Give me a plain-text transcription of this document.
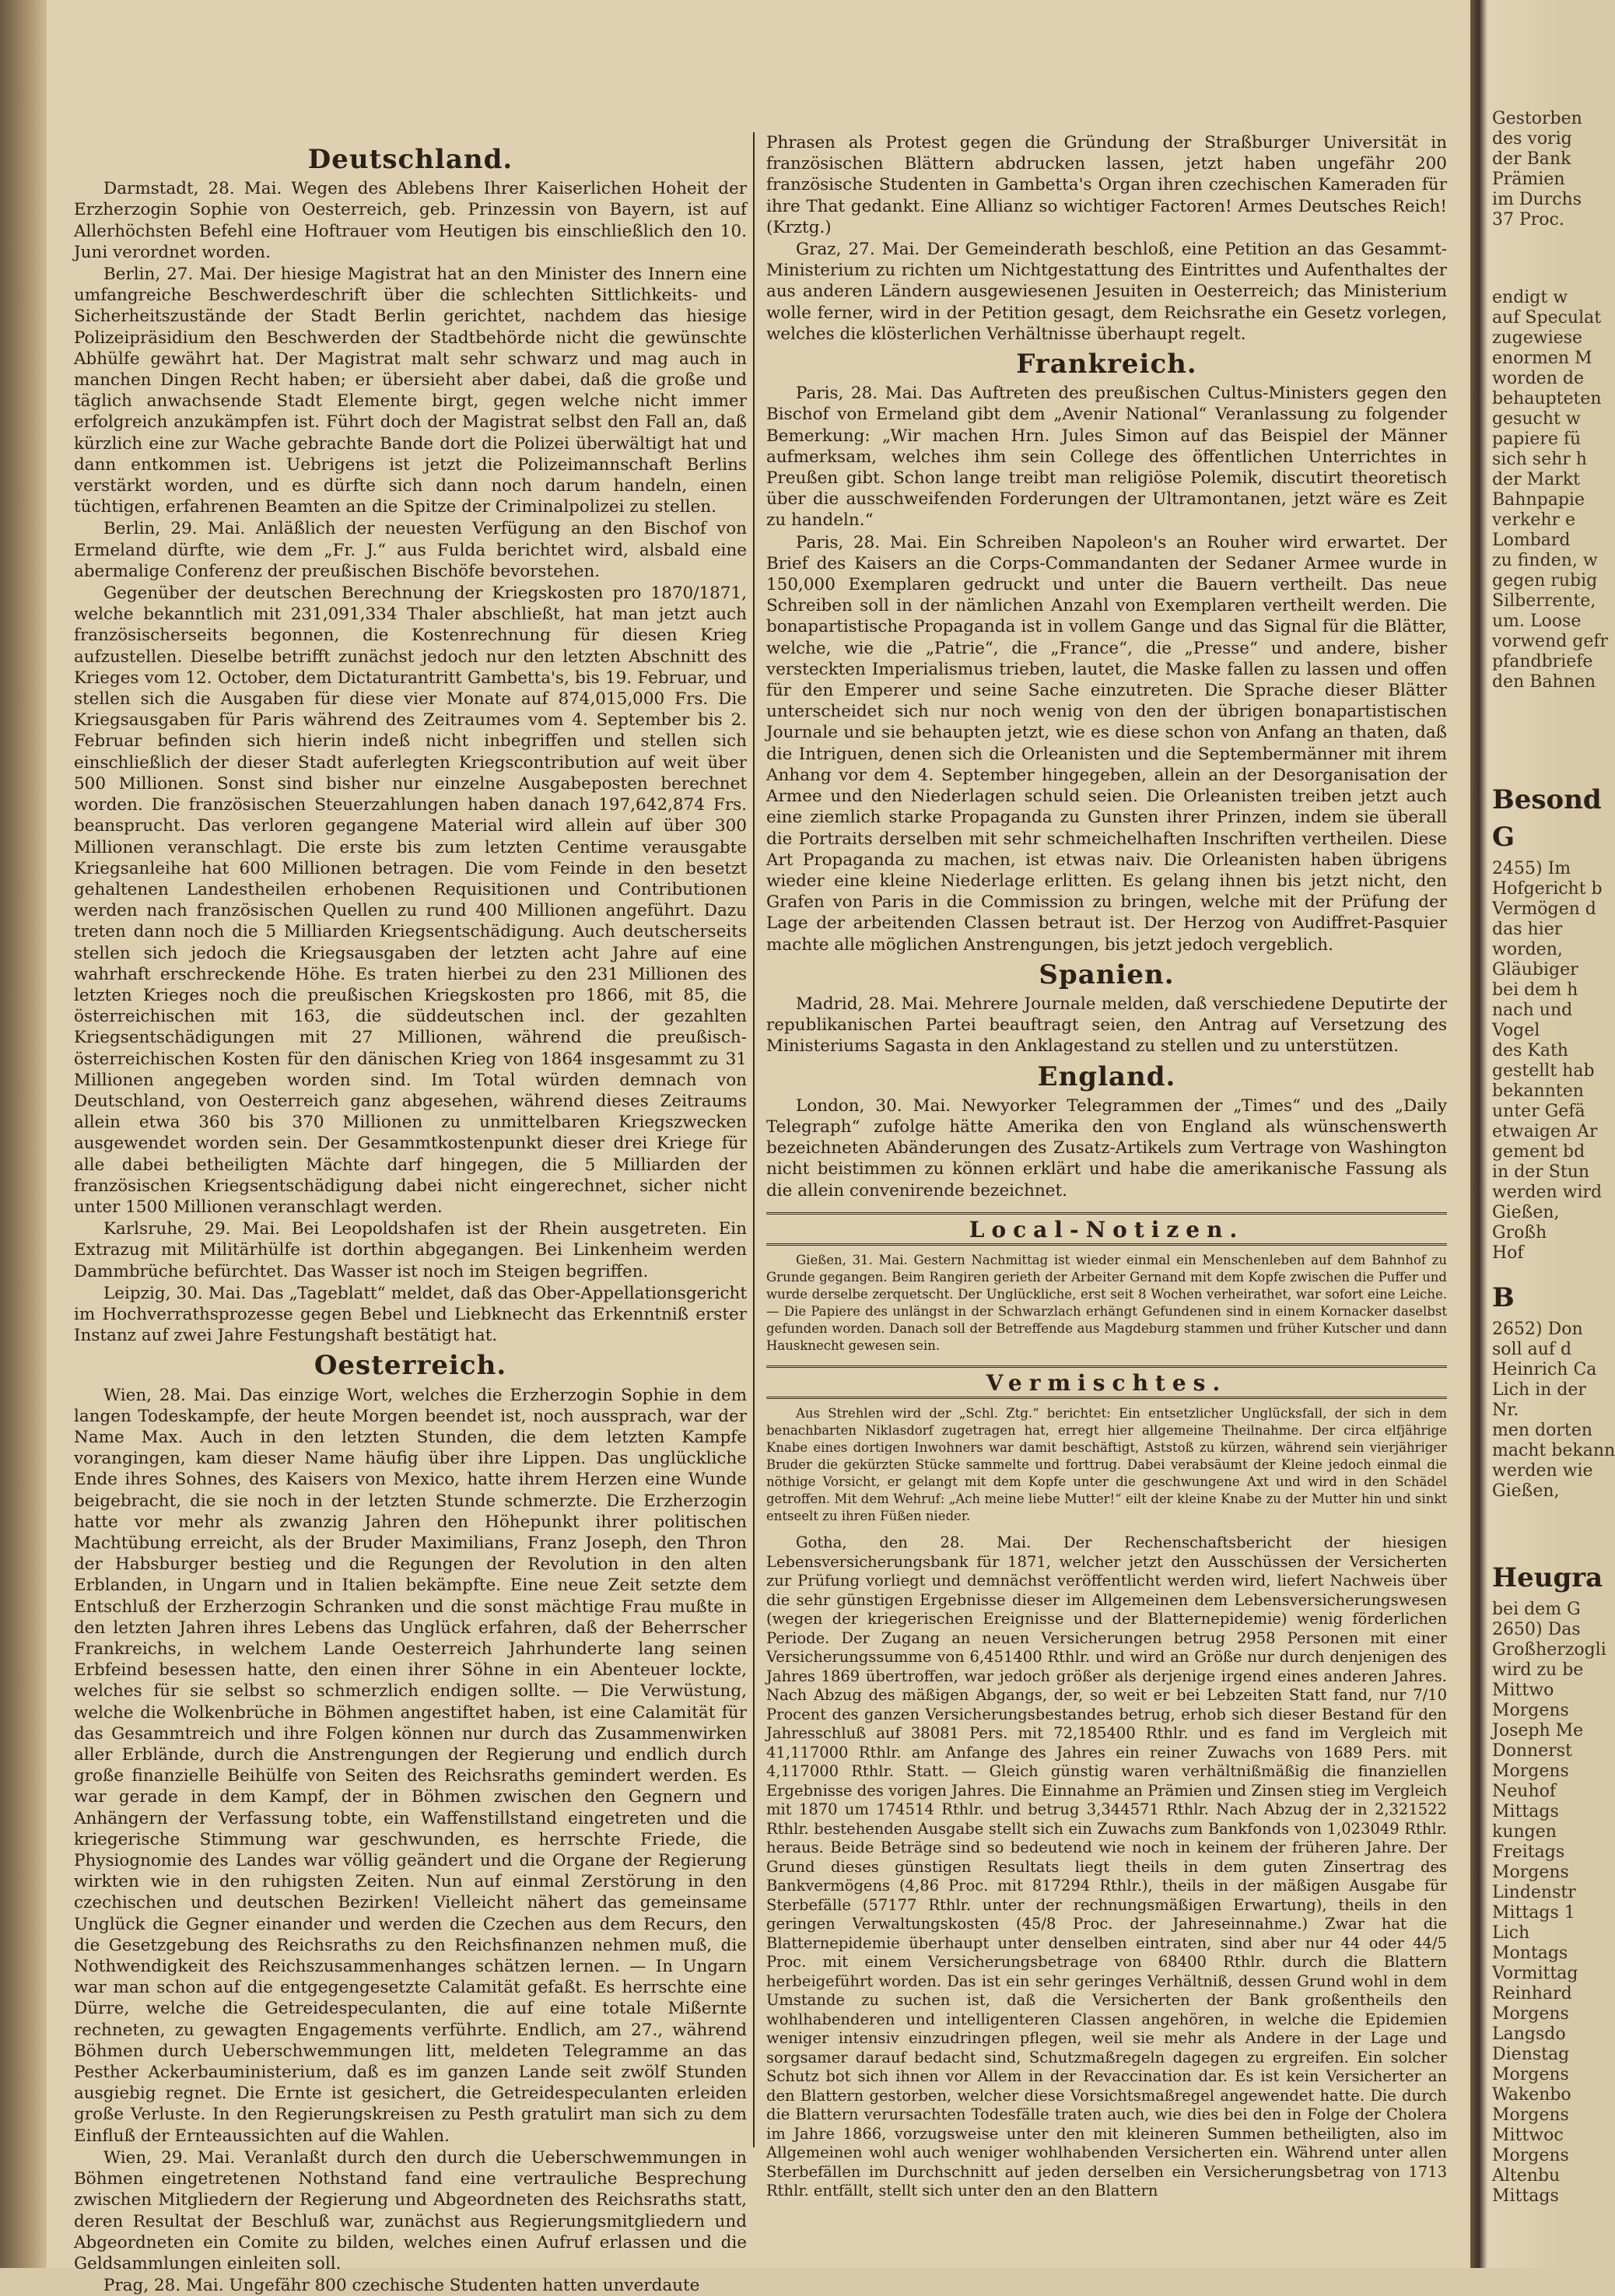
Deutschland.

Darmstadt, 28. Mai. Wegen des Ablebens Ihrer Kaiserlichen Hoheit der Erzherzogin Sophie von Oesterreich, geb. Prinzessin von Bayern, ist auf Allerhöchsten Befehl eine Hoftrauer vom Heutigen bis einschließlich den 10. Juni verordnet worden.

Berlin, 27. Mai. Der hiesige Magistrat hat an den Minister des Innern eine umfangreiche Beschwerdeschrift über die schlechten Sittlichkeits- und Sicherheitszustände der Stadt Berlin gerichtet, nachdem das hiesige Polizeipräsidium den Beschwerden der Stadtbehörde nicht die gewünschte Abhülfe gewährt hat. Der Magistrat malt sehr schwarz und mag auch in manchen Dingen Recht haben; er übersieht aber dabei, daß die große und täglich anwachsende Stadt Elemente birgt, gegen welche nicht immer erfolgreich anzukämpfen ist. Führt doch der Magistrat selbst den Fall an, daß kürzlich eine zur Wache gebrachte Bande dort die Polizei überwältigt hat und dann entkommen ist. Uebrigens ist jetzt die Polizeimannschaft Berlins verstärkt worden, und es dürfte sich dann noch darum handeln, einen tüchtigen, erfahrenen Beamten an die Spitze der Criminalpolizei zu stellen.

Berlin, 29. Mai. Anläßlich der neuesten Verfügung an den Bischof von Ermeland dürfte, wie dem „Fr. J.“ aus Fulda berichtet wird, alsbald eine abermalige Conferenz der preußischen Bischöfe bevorstehen.

Gegenüber der deutschen Berechnung der Kriegskosten pro 1870/1871, welche bekanntlich mit 231,091,334 Thaler abschließt, hat man jetzt auch französischerseits begonnen, die Kostenrechnung für diesen Krieg aufzustellen. Dieselbe betrifft zunächst jedoch nur den letzten Abschnitt des Krieges vom 12. October, dem Dictaturantritt Gambetta's, bis 19. Februar, und stellen sich die Ausgaben für diese vier Monate auf 874,015,000 Frs. Die Kriegsausgaben für Paris während des Zeitraumes vom 4. September bis 2. Februar befinden sich hierin indeß nicht inbegriffen und stellen sich einschließlich der dieser Stadt auferlegten Kriegscontribution auf weit über 500 Millionen. Sonst sind bisher nur einzelne Ausgabeposten berechnet worden. Die französischen Steuerzahlungen haben danach 197,642,874 Frs. beansprucht. Das verloren gegangene Material wird allein auf über 300 Millionen veranschlagt. Die erste bis zum letzten Centime verausgabte Kriegsanleihe hat 600 Millionen betragen. Die vom Feinde in den besetzt gehaltenen Landestheilen erhobenen Requisitionen und Contributionen werden nach französischen Quellen zu rund 400 Millionen angeführt. Dazu treten dann noch die 5 Milliarden Kriegsentschädigung. Auch deutscherseits stellen sich jedoch die Kriegsausgaben der letzten acht Jahre auf eine wahrhaft erschreckende Höhe. Es traten hierbei zu den 231 Millionen des letzten Krieges noch die preußischen Kriegskosten pro 1866, mit 85, die österreichischen mit 163, die süddeutschen incl. der gezahlten Kriegsentschädigungen mit 27 Millionen, während die preußisch-österreichischen Kosten für den dänischen Krieg von 1864 insgesammt zu 31 Millionen angegeben worden sind. Im Total würden demnach von Deutschland, von Oesterreich ganz abgesehen, während dieses Zeitraums allein etwa 360 bis 370 Millionen zu unmittelbaren Kriegszwecken ausgewendet worden sein. Der Gesammtkostenpunkt dieser drei Kriege für alle dabei betheiligten Mächte darf hingegen, die 5 Milliarden der französischen Kriegsentschädigung dabei nicht eingerechnet, sicher nicht unter 1500 Millionen veranschlagt werden.

Karlsruhe, 29. Mai. Bei Leopoldshafen ist der Rhein ausgetreten. Ein Extrazug mit Militärhülfe ist dorthin abgegangen. Bei Linkenheim werden Dammbrüche befürchtet. Das Wasser ist noch im Steigen begriffen.

Leipzig, 30. Mai. Das „Tageblatt“ meldet, daß das Ober-Appellationsgericht im Hochverrathsprozesse gegen Bebel und Liebknecht das Erkenntniß erster Instanz auf zwei Jahre Festungshaft bestätigt hat.

Oesterreich.

Wien, 28. Mai. Das einzige Wort, welches die Erzherzogin Sophie in dem langen Todeskampfe, der heute Morgen beendet ist, noch aussprach, war der Name Max. Auch in den letzten Stunden, die dem letzten Kampfe vorangingen, kam dieser Name häufig über ihre Lippen. Das unglückliche Ende ihres Sohnes, des Kaisers von Mexico, hatte ihrem Herzen eine Wunde beigebracht, die sie noch in der letzten Stunde schmerzte. Die Erzherzogin hatte vor mehr als zwanzig Jahren den Höhepunkt ihrer politischen Machtübung erreicht, als der Bruder Maximilians, Franz Joseph, den Thron der Habsburger bestieg und die Regungen der Revolution in den alten Erblanden, in Ungarn und in Italien bekämpfte. Eine neue Zeit setzte dem Entschluß der Erzherzogin Schranken und die sonst mächtige Frau mußte in den letzten Jahren ihres Lebens das Unglück erfahren, daß der Beherrscher Frankreichs, in welchem Lande Oesterreich Jahrhunderte lang seinen Erbfeind besessen hatte, den einen ihrer Söhne in ein Abenteuer lockte, welches für sie selbst so schmerzlich endigen sollte. — Die Verwüstung, welche die Wolkenbrüche in Böhmen angestiftet haben, ist eine Calamität für das Gesammtreich und ihre Folgen können nur durch das Zusammenwirken aller Erblände, durch die Anstrengungen der Regierung und endlich durch große finanzielle Beihülfe von Seiten des Reichsraths gemindert werden. Es war gerade in dem Kampf, der in Böhmen zwischen den Gegnern und Anhängern der Verfassung tobte, ein Waffenstillstand eingetreten und die kriegerische Stimmung war geschwunden, es herrschte Friede, die Physiognomie des Landes war völlig geändert und die Organe der Regierung wirkten wie in den ruhigsten Zeiten. Nun auf einmal Zerstörung in den czechischen und deutschen Bezirken! Vielleicht nähert das gemeinsame Unglück die Gegner einander und werden die Czechen aus dem Recurs, den die Gesetzgebung des Reichsraths zu den Reichsfinanzen nehmen muß, die Nothwendigkeit des Reichszusammenhanges schätzen lernen. — In Ungarn war man schon auf die entgegengesetzte Calamität gefaßt. Es herrschte eine Dürre, welche die Getreidespeculanten, die auf eine totale Mißernte rechneten, zu gewagten Engagements verführte. Endlich, am 27., während Böhmen durch Ueberschwemmungen litt, meldeten Telegramme an das Pesther Ackerbauministerium, daß es im ganzen Lande seit zwölf Stunden ausgiebig regnet. Die Ernte ist gesichert, die Getreidespeculanten erleiden große Verluste. In den Regierungskreisen zu Pesth gratulirt man sich zu dem Einfluß der Ernteaussichten auf die Wahlen.

Wien, 29. Mai. Veranlaßt durch den durch die Ueberschwemmungen in Böhmen eingetretenen Nothstand fand eine vertrauliche Besprechung zwischen Mitgliedern der Regierung und Abgeordneten des Reichsraths statt, deren Resultat der Beschluß war, zunächst aus Regierungsmitgliedern und Abgeordneten ein Comite zu bilden, welches einen Aufruf erlassen und die Geldsammlungen einleiten soll.

Prag, 28. Mai. Ungefähr 800 czechische Studenten hatten unverdaute

Phrasen als Protest gegen die Gründung der Straßburger Universität in französischen Blättern abdrucken lassen, jetzt haben ungefähr 200 französische Studenten in Gambetta's Organ ihren czechischen Kameraden für ihre That gedankt. Eine Allianz so wichtiger Factoren! Armes Deutsches Reich! (Krztg.)

Graz, 27. Mai. Der Gemeinderath beschloß, eine Petition an das Gesammt-Ministerium zu richten um Nichtgestattung des Eintrittes und Aufenthaltes der aus anderen Ländern ausgewiesenen Jesuiten in Oesterreich; das Ministerium wolle ferner, wird in der Petition gesagt, dem Reichsrathe ein Gesetz vorlegen, welches die klösterlichen Verhältnisse überhaupt regelt.

Frankreich.

Paris, 28. Mai. Das Auftreten des preußischen Cultus-Ministers gegen den Bischof von Ermeland gibt dem „Avenir National“ Veranlassung zu folgender Bemerkung: „Wir machen Hrn. Jules Simon auf das Beispiel der Männer aufmerksam, welches ihm sein College des öffentlichen Unterrichtes in Preußen gibt. Schon lange treibt man religiöse Polemik, discutirt theoretisch über die ausschweifenden Forderungen der Ultramontanen, jetzt wäre es Zeit zu handeln.“

Paris, 28. Mai. Ein Schreiben Napoleon's an Rouher wird erwartet. Der Brief des Kaisers an die Corps-Commandanten der Sedaner Armee wurde in 150,000 Exemplaren gedruckt und unter die Bauern vertheilt. Das neue Schreiben soll in der nämlichen Anzahl von Exemplaren vertheilt werden. Die bonapartistische Propaganda ist in vollem Gange und das Signal für die Blätter, welche, wie die „Patrie“, die „France“, die „Presse“ und andere, bisher versteckten Imperialismus trieben, lautet, die Maske fallen zu lassen und offen für den Emperer und seine Sache einzutreten. Die Sprache dieser Blätter unterscheidet sich nur noch wenig von den der übrigen bonapartistischen Journale und sie behaupten jetzt, wie es diese schon von Anfang an thaten, daß die Intriguen, denen sich die Orleanisten und die Septembermänner mit ihrem Anhang vor dem 4. September hingegeben, allein an der Desorganisation der Armee und den Niederlagen schuld seien. Die Orleanisten treiben jetzt auch eine ziemlich starke Propaganda zu Gunsten ihrer Prinzen, indem sie überall die Portraits derselben mit sehr schmeichelhaften Inschriften vertheilen. Diese Art Propaganda zu machen, ist etwas naiv. Die Orleanisten haben übrigens wieder eine kleine Niederlage erlitten. Es gelang ihnen bis jetzt nicht, den Grafen von Paris in die Commission zu bringen, welche mit der Prüfung der Lage der arbeitenden Classen betraut ist. Der Herzog von Audiffret-Pasquier machte alle möglichen Anstrengungen, bis jetzt jedoch vergeblich.

Spanien.

Madrid, 28. Mai. Mehrere Journale melden, daß verschiedene Deputirte der republikanischen Partei beauftragt seien, den Antrag auf Versetzung des Ministeriums Sagasta in den Anklagestand zu stellen und zu unterstützen.

England.

London, 30. Mai. Newyorker Telegrammen der „Times“ und des „Daily Telegraph“ zufolge hätte Amerika den von England als wünschenswerth bezeichneten Abänderungen des Zusatz-Artikels zum Vertrage von Washington nicht beistimmen zu können erklärt und habe die amerikanische Fassung als die allein convenirende bezeichnet.

Local-Notizen.

Gießen, 31. Mai. Gestern Nachmittag ist wieder einmal ein Menschenleben auf dem Bahnhof zu Grunde gegangen. Beim Rangiren gerieth der Arbeiter Gernand mit dem Kopfe zwischen die Puffer und wurde derselbe zerquetscht. Der Unglückliche, erst seit 8 Wochen verheirathet, war sofort eine Leiche. — Die Papiere des unlängst in der Schwarzlach erhängt Gefundenen sind in einem Kornacker daselbst gefunden worden. Danach soll der Betreffende aus Magdeburg stammen und früher Kutscher und dann Hausknecht gewesen sein.

Vermischtes.

Aus Strehlen wird der „Schl. Ztg.“ berichtet: Ein entsetzlicher Unglücksfall, der sich in dem benachbarten Niklasdorf zugetragen hat, erregt hier allgemeine Theilnahme. Der circa elfjährige Knabe eines dortigen Inwohners war damit beschäftigt, Aststoß zu kürzen, während sein vierjähriger Bruder die gekürzten Stücke sammelte und forttrug. Dabei verabsäumt der Kleine jedoch einmal die nöthige Vorsicht, er gelangt mit dem Kopfe unter die geschwungene Axt und wird in den Schädel getroffen. Mit dem Wehruf: „Ach meine liebe Mutter!“ eilt der kleine Knabe zu der Mutter hin und sinkt entseelt zu ihren Füßen nieder.

Gotha, den 28. Mai. Der Rechenschaftsbericht der hiesigen Lebensversicherungsbank für 1871, welcher jetzt den Ausschüssen der Versicherten zur Prüfung vorliegt und demnächst veröffentlicht werden wird, liefert Nachweis über die sehr günstigen Ergebnisse dieser im Allgemeinen dem Lebensversicherungswesen (wegen der kriegerischen Ereignisse und der Blatternepidemie) wenig förderlichen Periode. Der Zugang an neuen Versicherungen betrug 2958 Personen mit einer Versicherungssumme von 6,451400 Rthlr. und wird an Größe nur durch denjenigen des Jahres 1869 übertroffen, war jedoch größer als derjenige irgend eines anderen Jahres. Nach Abzug des mäßigen Abgangs, der, so weit er bei Lebzeiten Statt fand, nur 7/10 Procent des ganzen Versicherungsbestandes betrug, erhob sich dieser Bestand für den Jahresschluß auf 38081 Pers. mit 72,185400 Rthlr. und es fand im Vergleich mit 41,117000 Rthlr. am Anfange des Jahres ein reiner Zuwachs von 1689 Pers. mit 4,117000 Rthlr. Statt. — Gleich günstig waren verhältnißmäßig die finanziellen Ergebnisse des vorigen Jahres. Die Einnahme an Prämien und Zinsen stieg im Vergleich mit 1870 um 174514 Rthlr. und betrug 3,344571 Rthlr. Nach Abzug der in 2,321522 Rthlr. bestehenden Ausgabe stellt sich ein Zuwachs zum Bankfonds von 1,023049 Rthlr. heraus. Beide Beträge sind so bedeutend wie noch in keinem der früheren Jahre. Der Grund dieses günstigen Resultats liegt theils in dem guten Zinsertrag des Bankvermögens (4,86 Proc. mit 817294 Rthlr.), theils in der mäßigen Ausgabe für Sterbefälle (57177 Rthlr. unter der rechnungsmäßigen Erwartung), theils in den geringen Verwaltungskosten (45/8 Proc. der Jahreseinnahme.) Zwar hat die Blatternepidemie überhaupt unter denselben eintraten, sind aber nur 44 oder 44/5 Proc. mit einem Versicherungsbetrage von 68400 Rthlr. durch die Blattern herbeigeführt worden. Das ist ein sehr geringes Verhältniß, dessen Grund wohl in dem Umstande zu suchen ist, daß die Versicherten der Bank großentheils den wohlhabenderen und intelligenteren Classen angehören, in welche die Epidemien weniger intensiv einzudringen pflegen, weil sie mehr als Andere in der Lage und sorgsamer darauf bedacht sind, Schutzmaßregeln dagegen zu ergreifen. Ein solcher Schutz bot sich ihnen vor Allem in der Revaccination dar. Es ist kein Versicherter an den Blattern gestorben, welcher diese Vorsichtsmaßregel angewendet hatte. Die durch die Blattern verursachten Todesfälle traten auch, wie dies bei den in Folge der Cholera im Jahre 1866, vorzugsweise unter den mit kleineren Summen betheiligten, also im Allgemeinen wohl auch weniger wohlhabenden Versicherten ein. Während unter allen Sterbefällen im Durchschnitt auf jeden derselben ein Versicherungsbetrag von 1713 Rthlr. entfällt, stellt sich unter den an den Blattern

Gestorben
des vorig
der Bank
Prämien
im Durchs
37 Proc.
endigt w
auf Speculat
zugewiese
enormen M
worden de
behaupteten
gesucht w
papiere fü
sich sehr h
der Markt
Bahnpapie
verkehr e
Lombard
zu finden, w
gegen rubig
Silberrente,
um. Loose
vorwend gefr
pfandbriefe
den Bahnen
Besond
G
2455) Im
Hofgericht b
Vermögen d
das hier
worden,
Gläubiger
bei dem h
nach und
Vogel
des Kath
gestellt hab
bekannten
unter Gefä
etwaigen Ar
gement bd
in der Stun
werden wird
Gießen,
Großh
Hof
B
2652) Don
soll auf d
Heinrich Ca
Lich in der
Nr.
men dorten
macht bekann
werden wie
Gießen,
Heugra
bei dem G
2650) Das
Großherzogli
wird zu be
Mittwo
Morgens
Joseph Me
Donnerst
Morgens
Neuhof
Mittags
kungen
Freitags
Morgens
Lindenstr
Mittags 1
Lich
Montags
Vormittag
Reinhard
Morgens
Langsdo
Dienstag
Morgens
Wakenbo
Morgens
Mittwoc
Morgens
Altenbu
Mittags
